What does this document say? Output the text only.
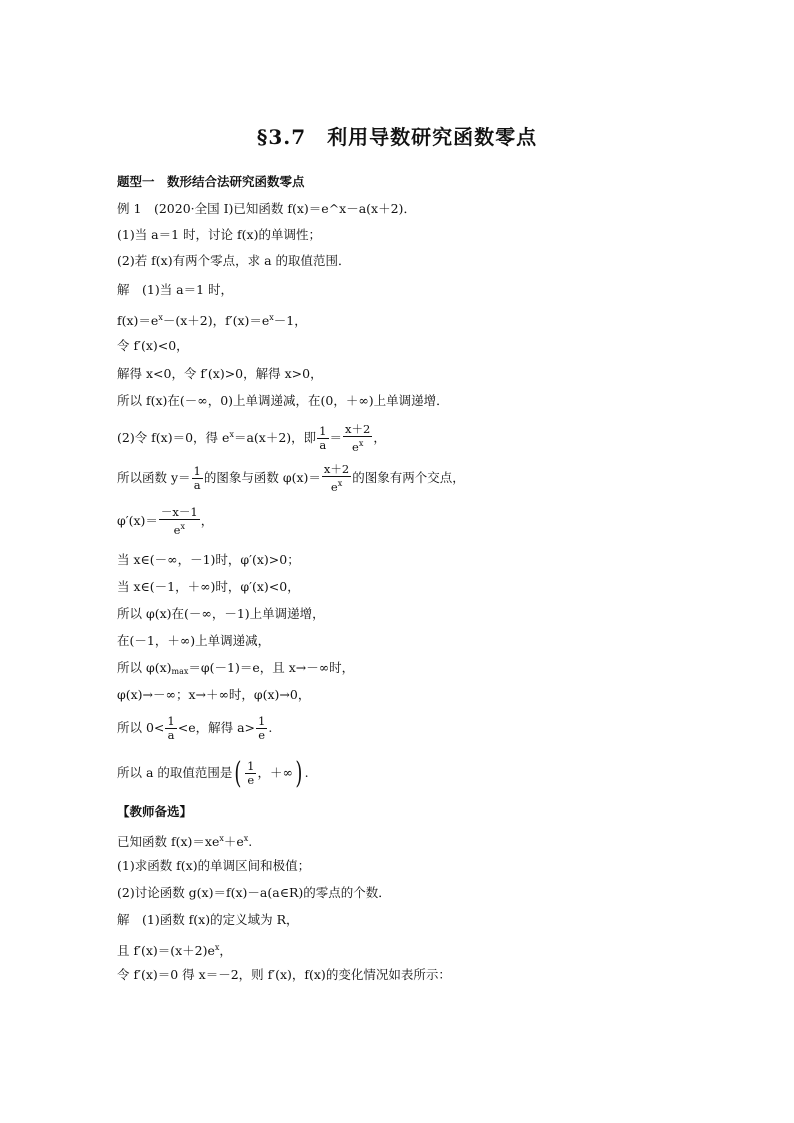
§3.7　利用导数研究函数零点
题型一　数形结合法研究函数零点
例 1　 (2020·全国 Ⅰ)已知函数 f(x)＝e^x－a(x＋2)．
(1)当 a＝1 时，讨论 f(x)的单调性；
(2)若 f(x)有两个零点，求 a 的取值范围．
解　(1)当 a＝1 时，
$f(x)=e^x-(x+2)$，$f'(x)=e^x-1$，
令 f′(x)<0，
解得 x<0，令 f′(x)>0，解得 x>0，
所以 f(x)在(－∞，0)上单调递减，在(0，＋∞)上单调递增．
(2)令 f(x)＝0，得 $e^x=a(x+2)$，即 $\frac{1}{a} = \frac{x+2}{e^x}$ ，
所以函数 $y= \frac{1}{a}$ 的图象与函数 $\varphi(x)= \frac{x+2}{e^x}$ 的图象有两个交点，
$\varphi'(x)= \frac{-x-1}{e^x}$ ，
当 x∈(－∞，－1)时，φ′(x)>0；
当 x∈(－1，＋∞)时，φ′(x)<0，
所以 φ(x)在(－∞，－1)上单调递增，
在(－1，＋∞)上单调递减，
所以 $\varphi(x)_{max}=\varphi(-1)=e$，且 x→－∞时，
φ(x)→－∞；x→＋∞时，φ(x)→0，
所以 $0< \frac{1}{a} <e$，解得 $a> \frac{1}{e}$ .
所以 a 的取值范围是( $\frac{1}{e}$ ，＋∞) .
【教师备选】
已知函数 $f(x)=xe^x+e^x$.
(1)求函数 f(x)的单调区间和极值；
(2)讨论函数 g(x)＝f(x)－a(a∈R)的零点的个数．
解　(1)函数 f(x)的定义域为 R，
且 $f'(x)=(x+2)e^x$，
令 f′(x)＝0 得 x＝－2，则 f′(x)，f(x)的变化情况如表所示：
